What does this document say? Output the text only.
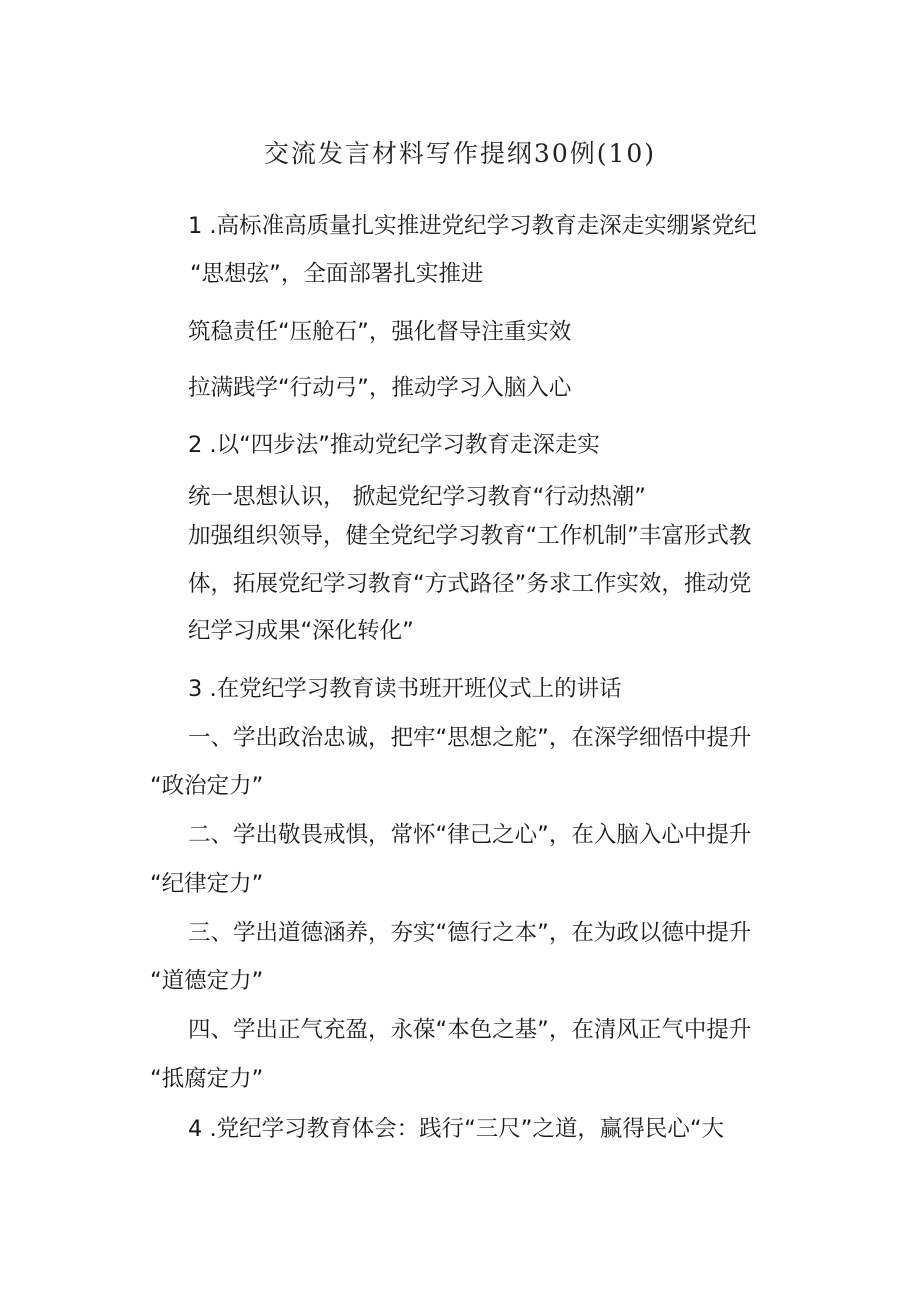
交流发言材料写作提纲30例(10)
1 .高标准高质量扎实推进党纪学习教育走深走实绷紧党纪
“思想弦”，全面部署扎实推进
筑稳责任“压舱石”，强化督导注重实效
拉满践学“行动弓”，推动学习入脑入心
2 .以“四步法”推动党纪学习教育走深走实
统一思想认识， 掀起党纪学习教育“行动热潮”
加强组织领导，健全党纪学习教育“工作机制”丰富形式教
体，拓展党纪学习教育“方式路径”务求工作实效，推动党
纪学习成果“深化转化”
3 .在党纪学习教育读书班开班仪式上的讲话
一、学出政治忠诚，把牢“思想之舵”，在深学细悟中提升
“政治定力”
二、学出敬畏戒惧，常怀“律己之心”，在入脑入心中提升
“纪律定力”
三、学出道德涵养，夯实“德行之本”，在为政以德中提升
“道德定力”
四、学出正气充盈，永葆“本色之基”，在清风正气中提升
“抵腐定力”
4 .党纪学习教育体会：践行“三尺”之道，赢得民心“大
